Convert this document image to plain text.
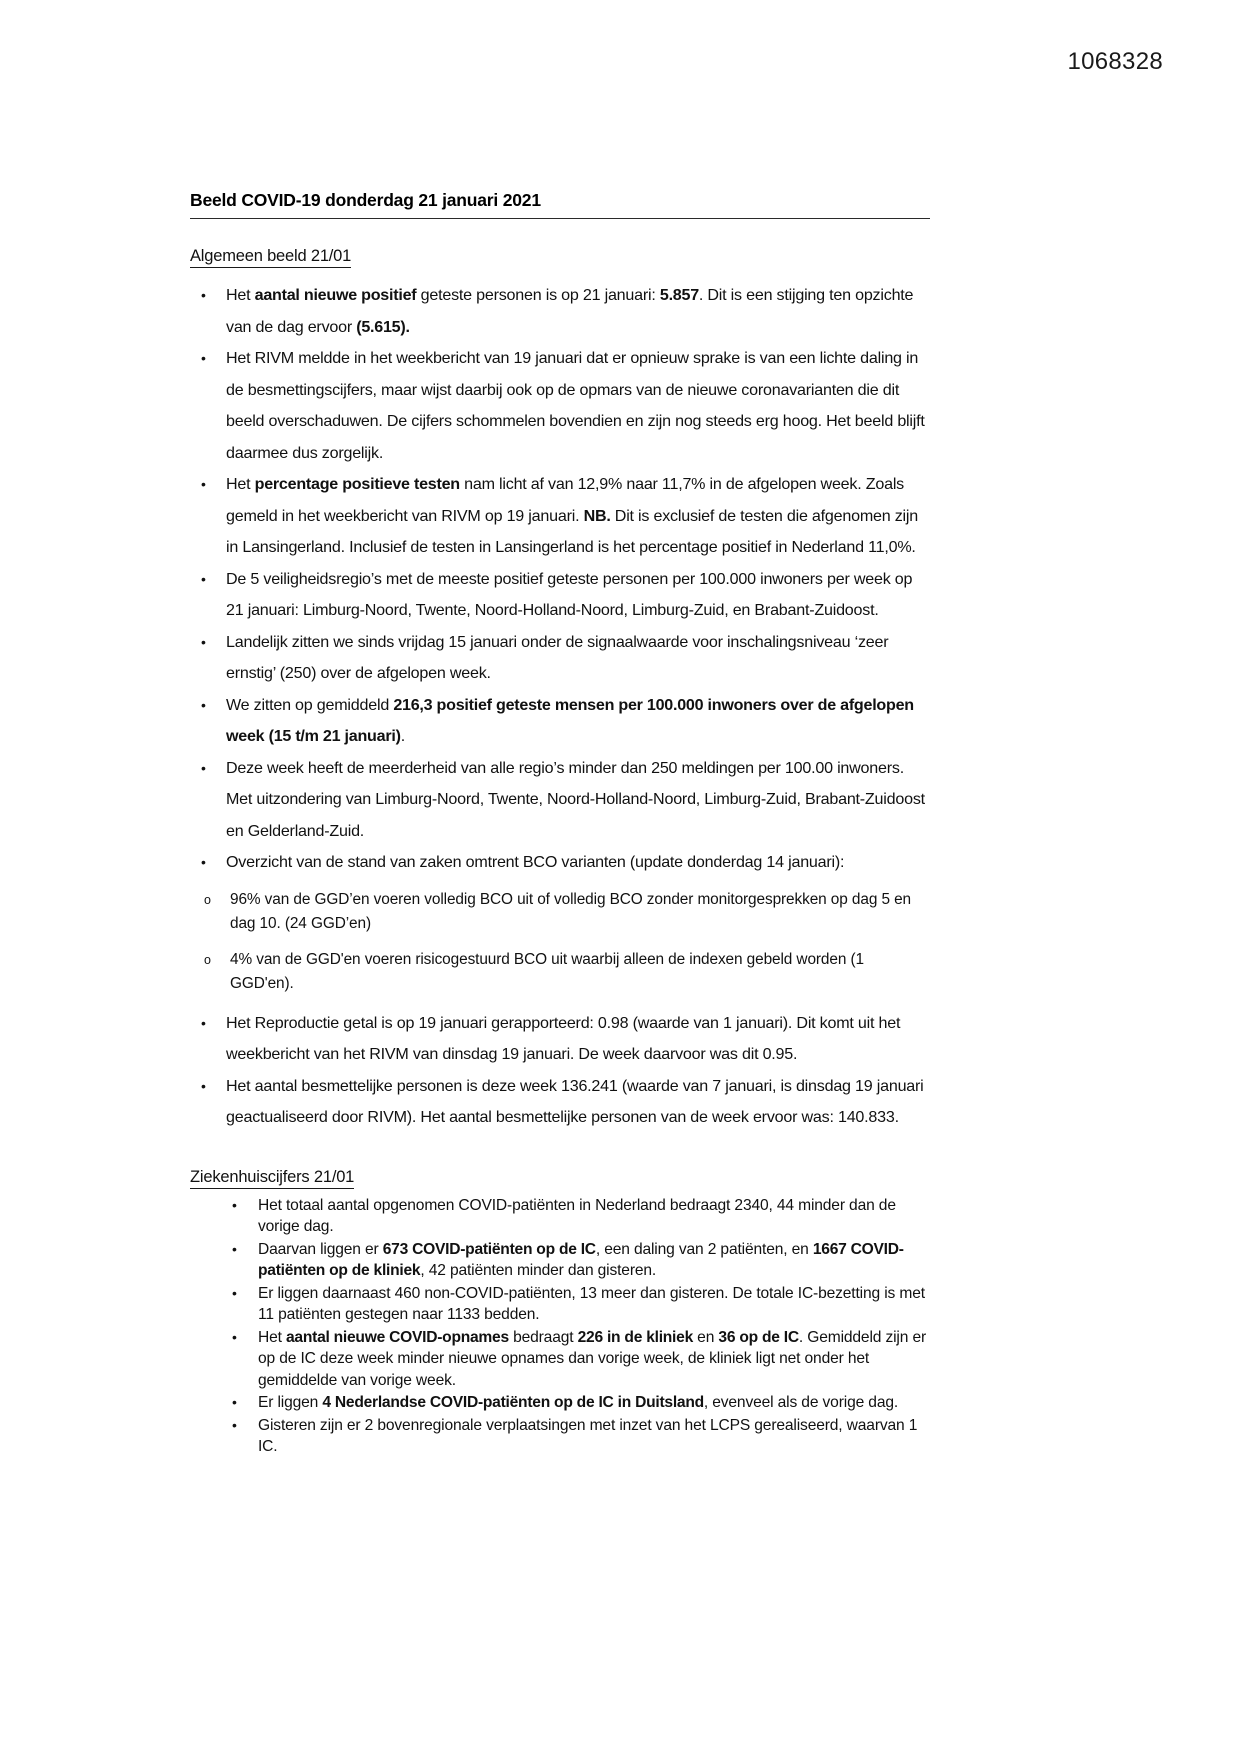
1068328
Beeld COVID-19 donderdag 21 januari 2021
Algemeen beeld 21/01
• Het aantal nieuwe positief geteste personen is op 21 januari: 5.857. Dit is een stijging ten opzichte van de dag ervoor (5.615).
• Het RIVM meldde in het weekbericht van 19 januari dat er opnieuw sprake is van een lichte daling in de besmettingscijfers, maar wijst daarbij ook op de opmars van de nieuwe coronavarianten die dit beeld overschaduwen. De cijfers schommelen bovendien en zijn nog steeds erg hoog. Het beeld blijft daarmee dus zorgelijk.
• Het percentage positieve testen nam licht af van 12,9% naar 11,7% in de afgelopen week. Zoals gemeld in het weekbericht van RIVM op 19 januari. NB. Dit is exclusief de testen die afgenomen zijn in Lansingerland. Inclusief de testen in Lansingerland is het percentage positief in Nederland 11,0%.
• De 5 veiligheidsregio’s met de meeste positief geteste personen per 100.000 inwoners per week op 21 januari: Limburg-Noord, Twente, Noord-Holland-Noord, Limburg-Zuid, en Brabant-Zuidoost.
• Landelijk zitten we sinds vrijdag 15 januari onder de signaalwaarde voor inschalingsniveau ‘zeer ernstig’ (250) over de afgelopen week.
• We zitten op gemiddeld 216,3 positief geteste mensen per 100.000 inwoners over de afgelopen week (15 t/m 21 januari).
• Deze week heeft de meerderheid van alle regio’s minder dan 250 meldingen per 100.00 inwoners. Met uitzondering van Limburg-Noord, Twente, Noord-Holland-Noord, Limburg-Zuid, Brabant-Zuidoost en Gelderland-Zuid.
• Overzicht van de stand van zaken omtrent BCO varianten (update donderdag 14 januari):
o 96% van de GGD’en voeren volledig BCO uit of volledig BCO zonder monitorgesprekken op dag 5 en dag 10. (24 GGD’en)
o 4% van de GGD'en voeren risicogestuurd BCO uit waarbij alleen de indexen gebeld worden (1 GGD'en).
• Het Reproductie getal is op 19 januari gerapporteerd: 0.98 (waarde van 1 januari). Dit komt uit het weekbericht van het RIVM van dinsdag 19 januari. De week daarvoor was dit 0.95.
• Het aantal besmettelijke personen is deze week 136.241 (waarde van 7 januari, is dinsdag 19 januari geactualiseerd door RIVM). Het aantal besmettelijke personen van de week ervoor was: 140.833.
Ziekenhuiscijfers 21/01
• Het totaal aantal opgenomen COVID-patiënten in Nederland bedraagt 2340, 44 minder dan de vorige dag.
• Daarvan liggen er 673 COVID-patiënten op de IC, een daling van 2 patiënten, en 1667 COVID-patiënten op de kliniek, 42 patiënten minder dan gisteren.
• Er liggen daarnaast 460 non-COVID-patiënten, 13 meer dan gisteren. De totale IC-bezetting is met 11 patiënten gestegen naar 1133 bedden.
• Het aantal nieuwe COVID-opnames bedraagt 226 in de kliniek en 36 op de IC. Gemiddeld zijn er op de IC deze week minder nieuwe opnames dan vorige week, de kliniek ligt net onder het gemiddelde van vorige week.
• Er liggen 4 Nederlandse COVID-patiënten op de IC in Duitsland, evenveel als de vorige dag.
• Gisteren zijn er 2 bovenregionale verplaatsingen met inzet van het LCPS gerealiseerd, waarvan 1 IC.
